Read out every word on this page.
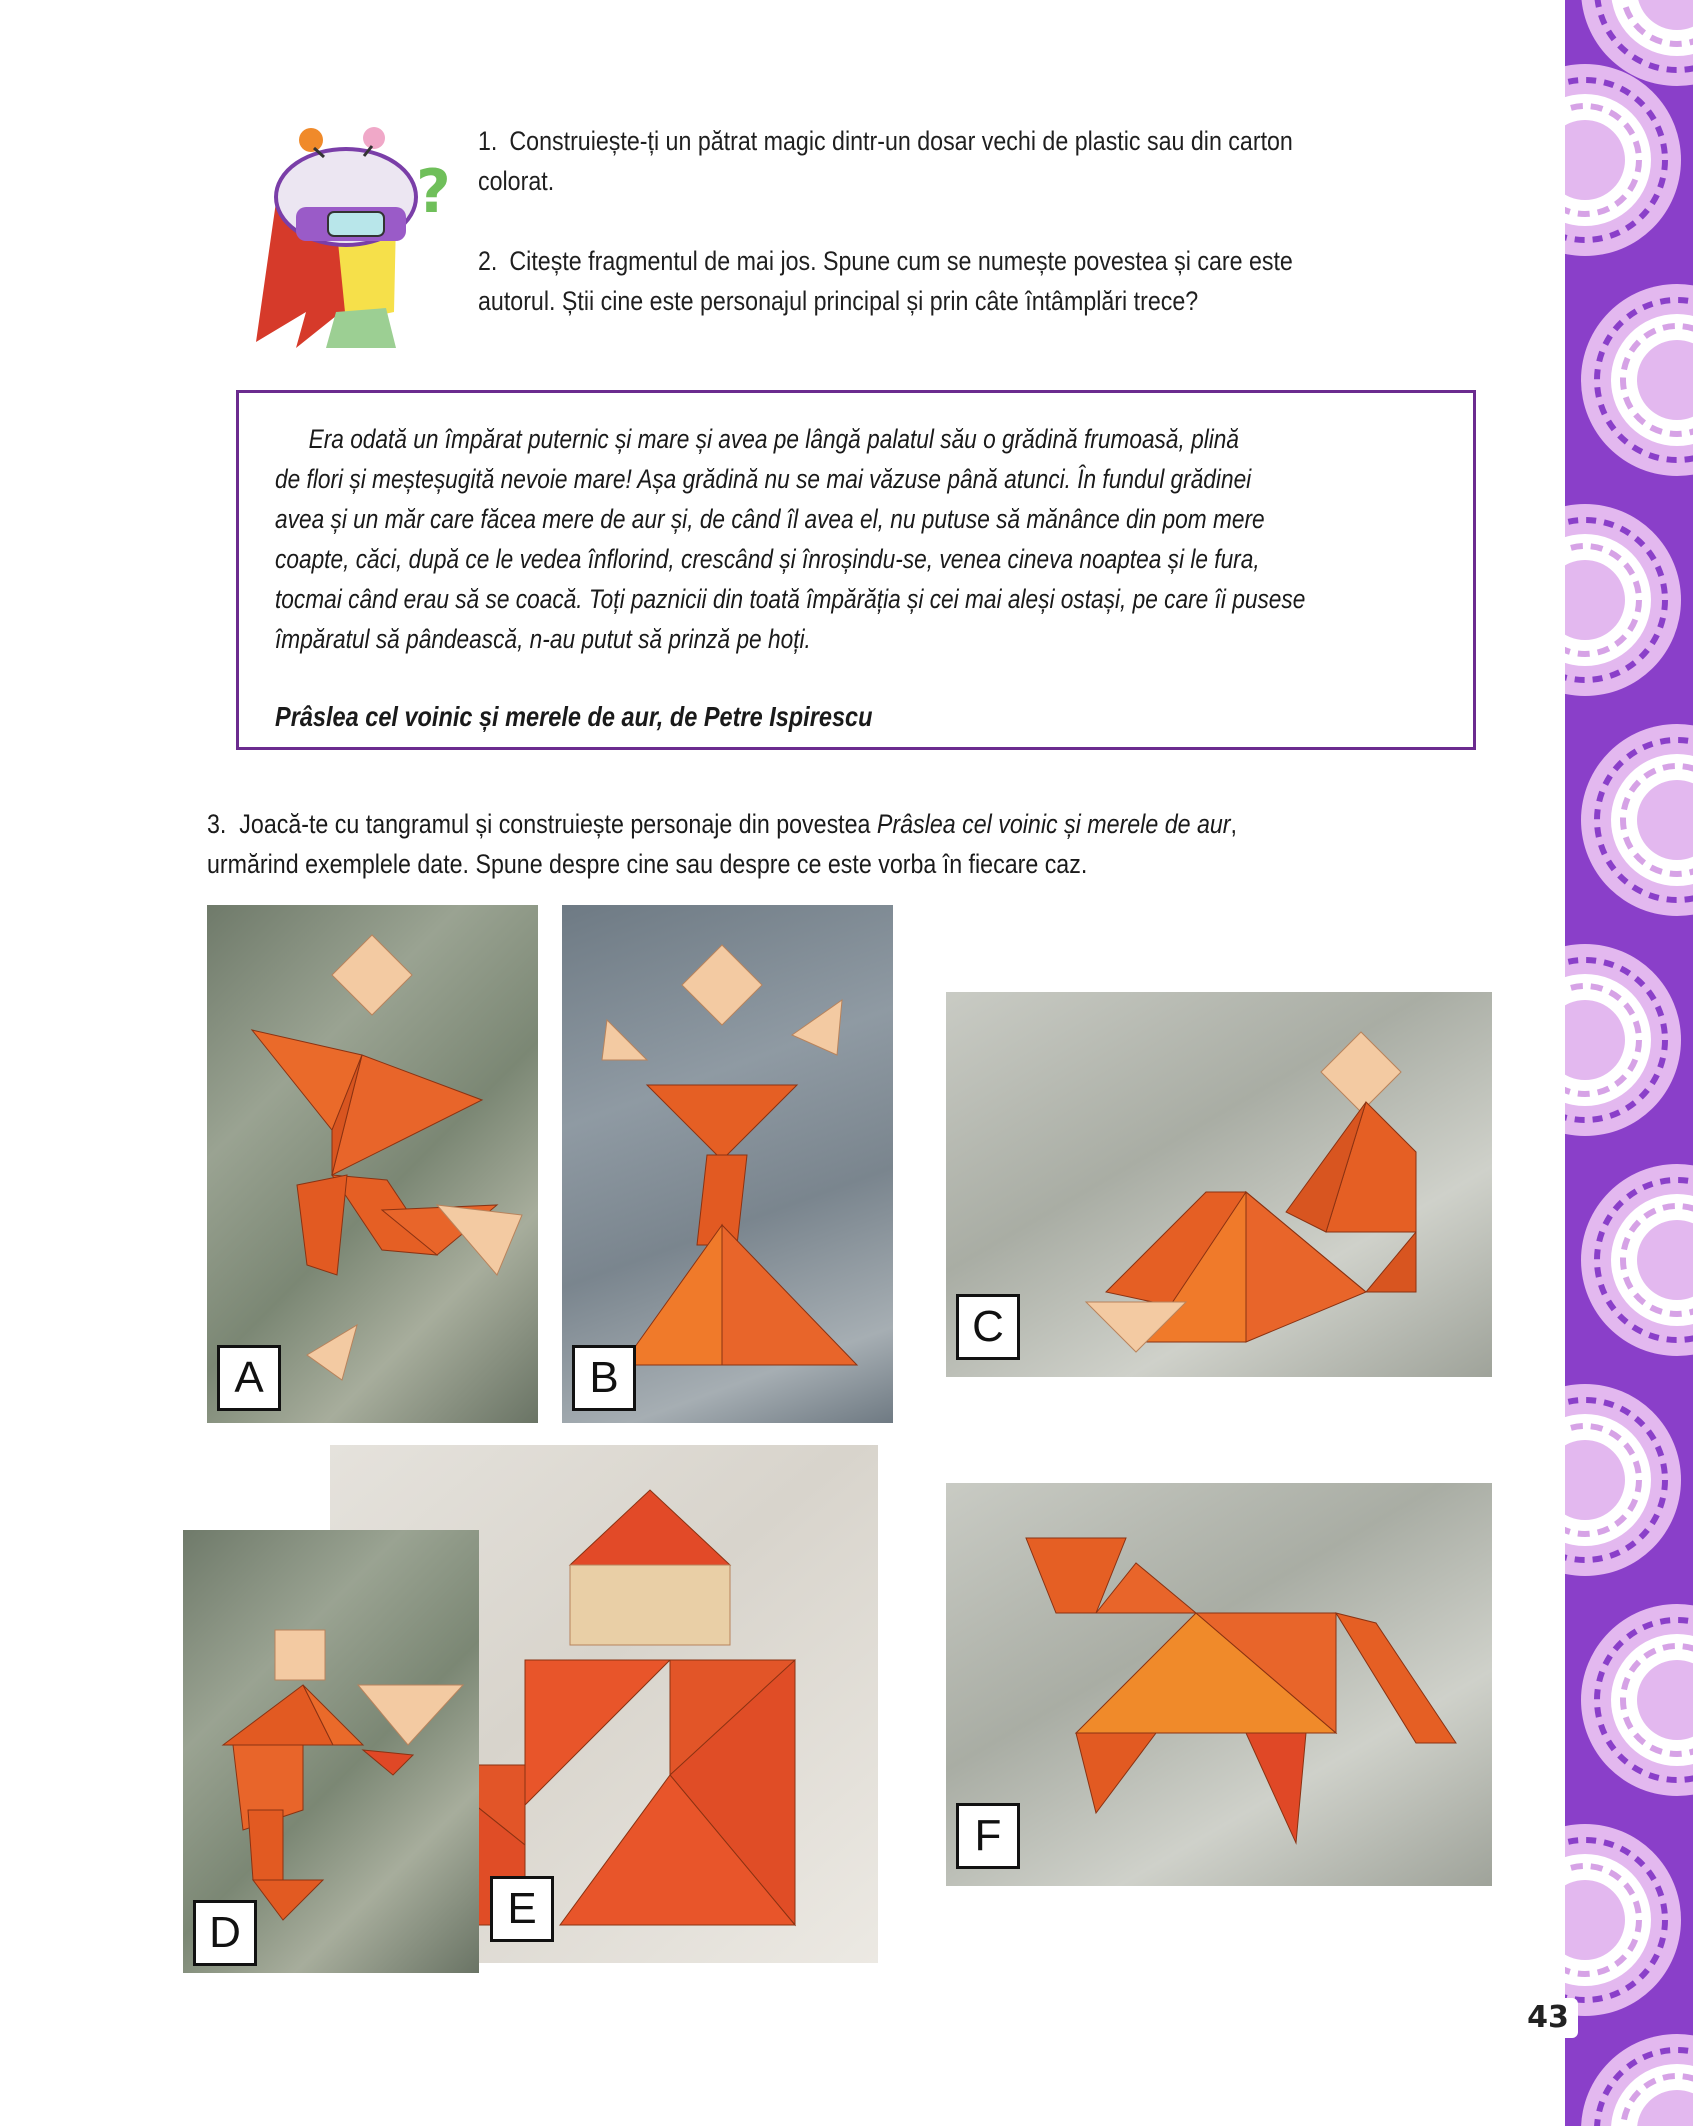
43
?
1. Construiește-ți un pătrat magic dintr-un dosar vechi de plastic sau din carton
colorat.
2. Citește fragmentul de mai jos. Spune cum se numește povestea și care este
autorul. Știi cine este personajul principal și prin câte întâmplări trece?
Era odată un împărat puternic și mare și avea pe lângă palatul său o grădină frumoasă, plină
de flori și meșteșugită nevoie mare! Așa grădină nu se mai văzuse până atunci. În fundul grădinei
avea și un măr care făcea mere de aur și, de când îl avea el, nu putuse să mănânce din pom mere
coapte, căci, după ce le vedea înflorind, crescând și înroșindu-se, venea cineva noaptea și le fura,
tocmai când erau să se coacă. Toți paznicii din toată împărăția și cei mai aleși ostași, pe care îi pusese
împăratul să pândească, n-au putut să prinză pe hoți.

Prâslea cel voinic și merele de aur, de Petre Ispirescu

3. Joacă-te cu tangramul și construiește personaje din povestea Prâslea cel voinic și merele de aur,
urmărind exemplele date. Spune despre cine sau despre ce este vorba în fiecare caz.

A	B
C
E
D
F
